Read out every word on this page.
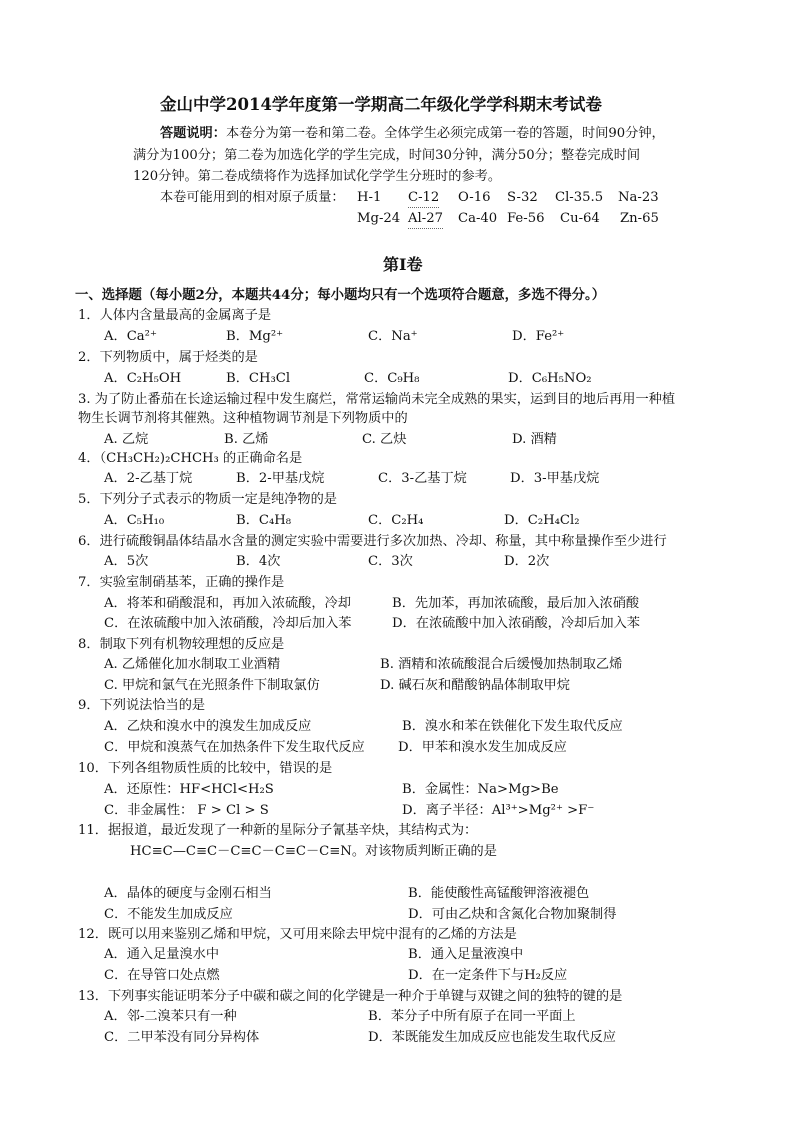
金山中学2014学年度第一学期高二年级化学学科期末考试卷
答题说明：本卷分为第一卷和第二卷。全体学生必须完成第一卷的答题，时间90分钟，
满分为100分；第二卷为加选化学的学生完成，时间30分钟，满分50分；整卷完成时间
120分钟。第二卷成绩将作为选择加试化学学生分班时的参考。
本卷可能用到的相对原子质量： H-1 C-12 O-16 S-32 Cl-35.5 Na-23
Mg-24 Al-27 Ca-40 Fe-56 Cu-64 Zn-65
第Ⅰ卷
一、选择题（每小题2分，本题共44分；每小题均只有一个选项符合题意，多选不得分。）
1．人体内含量最高的金属离子是
A．Ca²⁺	B．Mg²⁺	C．Na⁺	D．Fe²⁺
2．下列物质中，属于烃类的是
A．C₂H₅OH	B．CH₃Cl	C．C₉H₈	D．C₆H₅NO₂
3. 为了防止番茄在长途运输过程中发生腐烂，常常运输尚未完全成熟的果实，运到目的地后再用一种植
物生长调节剂将其催熟。这种植物调节剂是下列物质中的
A. 乙烷	B. 乙烯	C. 乙炔	D. 酒精
4．（CH₃CH₂)₂CHCH₃ 的正确命名是
A．2-乙基丁烷	B．2-甲基戊烷	C．3-乙基丁烷	D．3-甲基戊烷
5．下列分子式表示的物质一定是纯净物的是
A．C₅H₁₀	B．C₄H₈	C．C₂H₄	D．C₂H₄Cl₂
6．进行硫酸铜晶体结晶水含量的测定实验中需要进行多次加热、冷却、称量，其中称量操作至少进行
A．5次	B．4次	C．3次	D．2次
7．实验室制硝基苯，正确的操作是
A．将苯和硝酸混和，再加入浓硫酸，冷却	B．先加苯，再加浓硫酸，最后加入浓硝酸
C．在浓硫酸中加入浓硝酸，冷却后加入苯	D．在浓硫酸中加入浓硝酸，冷却后加入苯
8．制取下列有机物较理想的反应是
A. 乙烯催化加水制取工业酒精	B. 酒精和浓硫酸混合后缓慢加热制取乙烯
C. 甲烷和氯气在光照条件下制取氯仿	D. 碱石灰和醋酸钠晶体制取甲烷
9．下列说法恰当的是
A．乙炔和溴水中的溴发生加成反应	B．溴水和苯在铁催化下发生取代反应
C．甲烷和溴蒸气在加热条件下发生取代反应	D．甲苯和溴水发生加成反应
10．下列各组物质性质的比较中，错误的是
A．还原性：HF<HCl<H₂S	B．金属性：Na>Mg>Be
C．非金属性： F > Cl > S	D．离子半径：Al³⁺>Mg²⁺ >F⁻
11．据报道，最近发现了一种新的星际分子氰基辛炔，其结构式为：
HC≡C—C≡C－C≡C－C≡C－C≡N。对该物质判断正确的是
A．晶体的硬度与金刚石相当	B．能使酸性高锰酸钾溶液褪色
C．不能发生加成反应	D．可由乙炔和含氮化合物加聚制得
12．既可以用来鉴别乙烯和甲烷，又可用来除去甲烷中混有的乙烯的方法是
A．通入足量溴水中	B．通入足量液溴中
C．在导管口处点燃	D．在一定条件下与H₂反应
13．下列事实能证明苯分子中碳和碳之间的化学键是一种介于单键与双键之间的独特的键的是
A．邻-二溴苯只有一种	B．苯分子中所有原子在同一平面上
C．二甲苯没有同分异构体	D．苯既能发生加成反应也能发生取代反应
